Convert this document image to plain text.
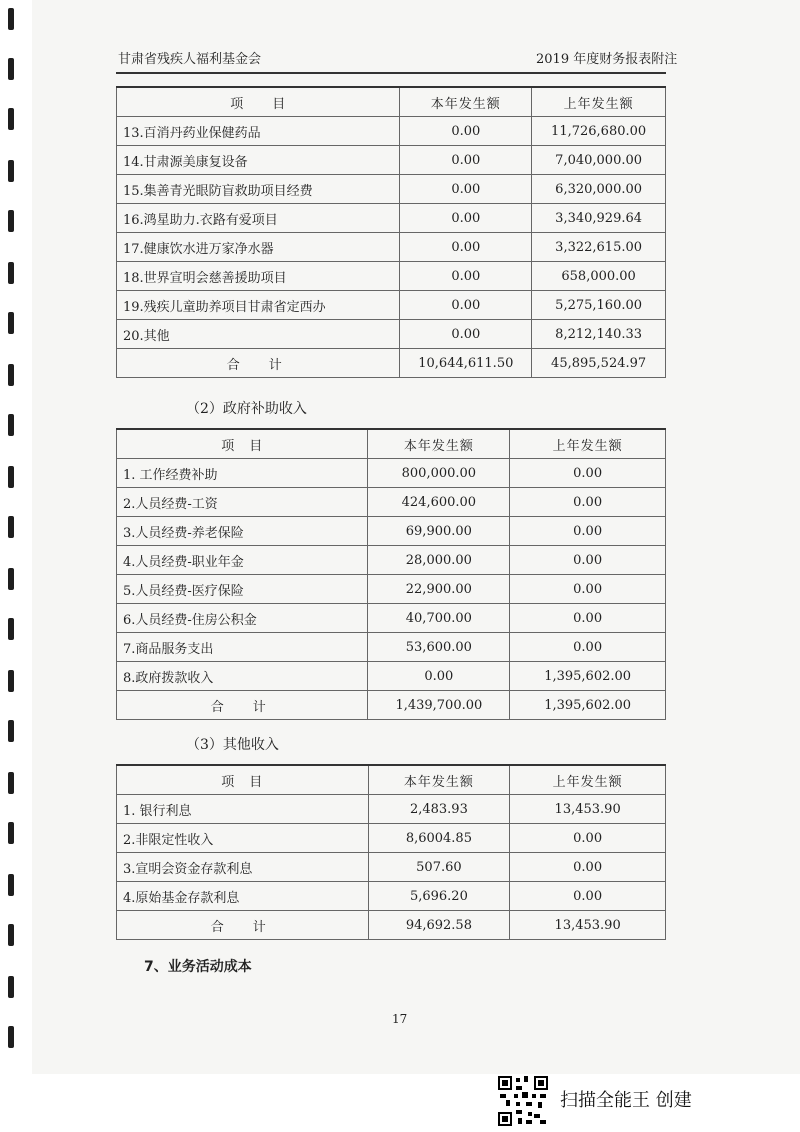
甘肃省残疾人福利基金会	2019 年度财务报表附注
项　　目	本年发生额	上年发生额
13.百消丹药业保健药品	0.00	11,726,680.00
14.甘肃源美康复设备	0.00	7,040,000.00
15.集善青光眼防盲救助项目经费	0.00	6,320,000.00
16.鸿星助力.衣路有爱项目	0.00	3,340,929.64
17.健康饮水进万家净水器	0.00	3,322,615.00
18.世界宣明会慈善援助项目	0.00	658,000.00
19.残疾儿童助养项目甘肃省定西办	0.00	5,275,160.00
20.其他	0.00	8,212,140.33
合　计	10,644,611.50	45,895,524.97
（2）政府补助收入
项　目	本年发生额	上年发生额
1. 工作经费补助	800,000.00	0.00
2.人员经费-工资	424,600.00	0.00
3.人员经费-养老保险	69,900.00	0.00
4.人员经费-职业年金	28,000.00	0.00
5.人员经费-医疗保险	22,900.00	0.00
6.人员经费-住房公积金	40,700.00	0.00
7.商品服务支出	53,600.00	0.00
8.政府拨款收入	0.00	1,395,602.00
合　计	1,439,700.00	1,395,602.00
（3）其他收入
项　目	本年发生额	上年发生额
1. 银行利息	2,483.93	13,453.90
2.非限定性收入	8,6004.85	0.00
3.宣明会资金存款利息	507.60	0.00
4.原始基金存款利息	5,696.20	0.00
合　计	94,692.58	13,453.90
7、业务活动成本
17
扫描全能王 创建
